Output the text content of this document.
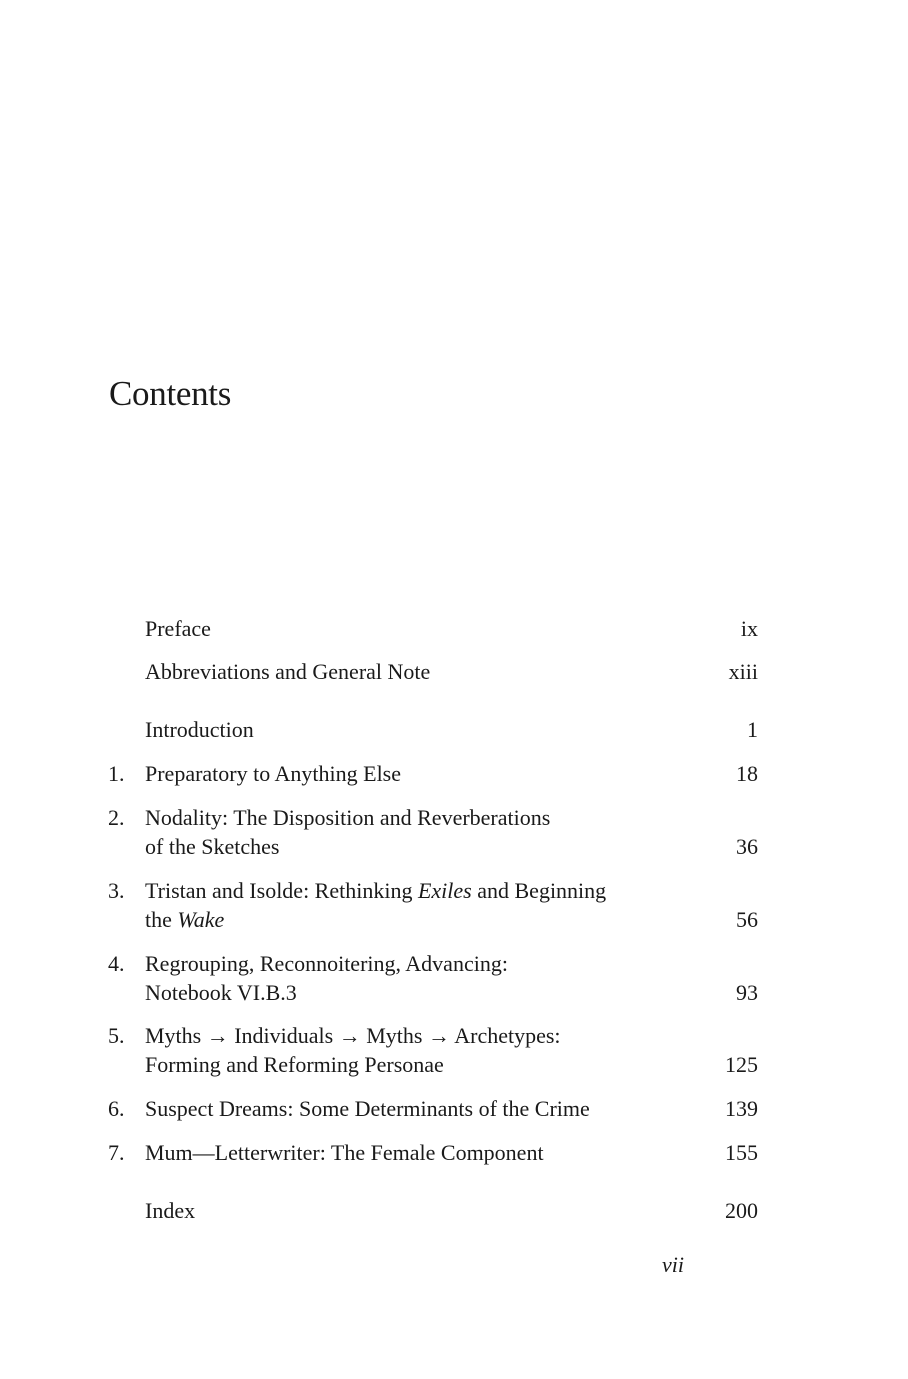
Contents
Preface	ix
Abbreviations and General Note	xiii
Introduction	1
1. Preparatory to Anything Else	18
2. Nodality: The Disposition and Reverberations
of the Sketches	36
3. Tristan and Isolde: Rethinking Exiles and Beginning
the Wake	56
4. Regrouping, Reconnoitering, Advancing:
Notebook VI.B.3	93
5. Myths → Individuals → Myths → Archetypes:
Forming and Reforming Personae	125
6. Suspect Dreams: Some Determinants of the Crime	139
7. Mum—Letterwriter: The Female Component	155
Index	200
vii
